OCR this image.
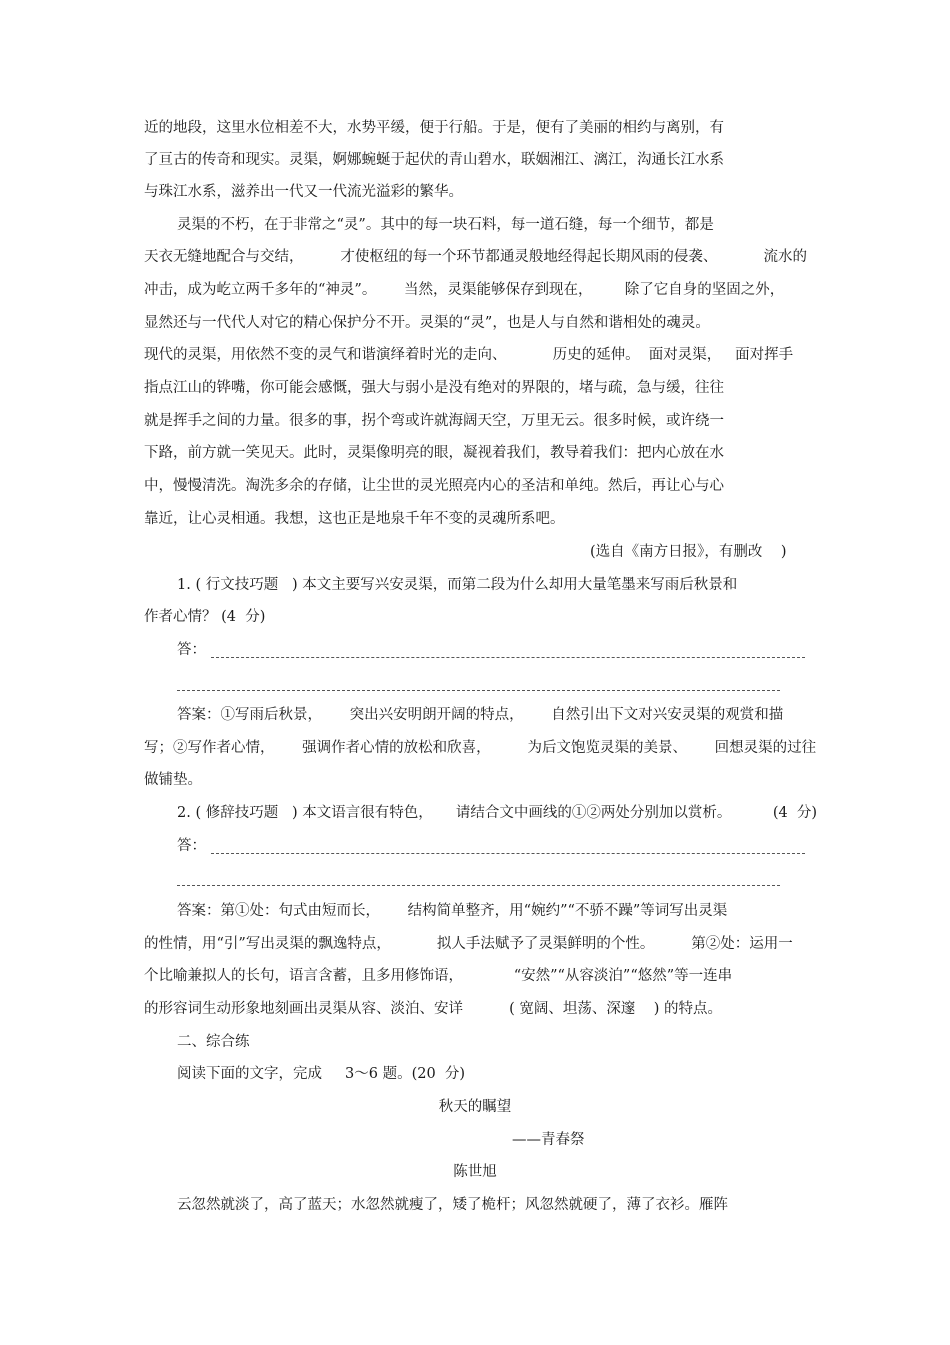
近的地段，这里水位相差不大，水势平缓，便于行船。于是，便有了美丽的相约与离别，有
了亘古的传奇和现实。灵渠，婀娜蜿蜒于起伏的青山碧水，联姻湘江、漓江，沟通长江水系
与珠江水系，滋养出一代又一代流光溢彩的繁华。
灵渠的不朽，在于非常之“灵”。其中的每一块石料，每一道石缝，每一个细节，都是
天衣无缝地配合与交结，        才使枢纽的每一个环节都通灵般地经得起长期风雨的侵袭、          流水的
冲击，成为屹立两千多年的“神灵”。      当然，灵渠能够保存到现在，       除了它自身的坚固之外，
显然还与一代代人对它的精心保护分不开。灵渠的“灵”，也是人与自然和谐相处的魂灵。
现代的灵渠，用依然不变的灵气和谐演绎着时光的走向、          历史的延伸。  面对灵渠，   面对挥手
指点江山的铧嘴，你可能会感慨，强大与弱小是没有绝对的界限的，堵与疏，急与缓，往往
就是挥手之间的力量。很多的事，拐个弯或许就海阔天空，万里无云。很多时候，或许绕一
下路，前方就一笑见天。此时，灵渠像明亮的眼，凝视着我们，教导着我们：把内心放在水
中，慢慢清洗。淘洗多余的存储，让尘世的灵光照亮内心的圣洁和单纯。然后，再让心与心
靠近，让心灵相通。我想，这也正是地泉千年不变的灵魂所系吧。
(选自《南方日报》，有删改    )
1. ( 行文技巧题   ) 本文主要写兴安灵渠，而第二段为什么却用大量笔墨来写雨后秋景和
作者心情？ (4  分)
答：
答案：①写雨后秋景，      突出兴安明朗开阔的特点，      自然引出下文对兴安灵渠的观赏和描
写；②写作者心情，      强调作者心情的放松和欣喜，        为后文饱览灵渠的美景、      回想灵渠的过往
做铺垫。
2. ( 修辞技巧题   ) 本文语言很有特色，     请结合文中画线的①②两处分别加以赏析。         (4  分)
答：
答案：第①处：句式由短而长，      结构简单整齐，用“婉约”“不骄不躁”等词写出灵渠
的性情，用“引”写出灵渠的飘逸特点，          拟人手法赋予了灵渠鲜明的个性。        第②处：运用一
个比喻兼拟人的长句，语言含蓄，且多用修饰语，           “安然”“从容淡泊”“悠然”等一连串
的形容词生动形象地刻画出灵渠从容、淡泊、安详          ( 宽阔、坦荡、深邃    ) 的特点。
二、综合练
阅读下面的文字，完成     3～6 题。(20  分)
秋天的瞩望
——青春祭
陈世旭
云忽然就淡了，高了蓝天；水忽然就瘦了，矮了桅杆；风忽然就硬了，薄了衣衫。雁阵
